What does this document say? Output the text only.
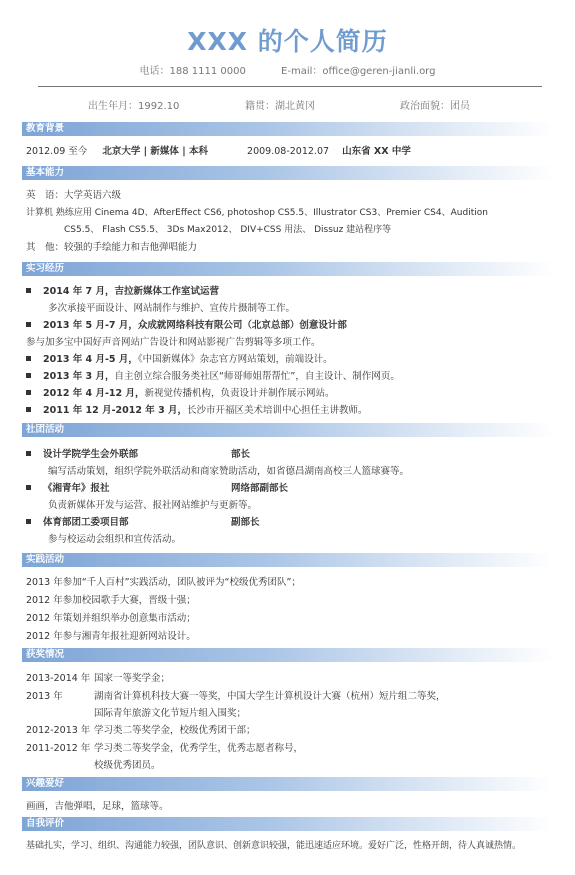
XXX 的个人简历
电话：188 1111 0000	E-mail：office@geren-jianli.org
出生年月：1992.10	籍贯：湖北黄冈	政治面貌：团员
教育背景
2012.09 至今 北京大学 | 新媒体 | 本科	2009.08-2012.07 山东省 XX 中学
基本能力
英　语：大学英语六级
计算机 熟练应用 Cinema 4D、AfterEffect CS6, photoshop CS5.5、Illustrator CS3、Premier CS4、Audition
CS5.5、 Flash CS5.5、 3Ds Max2012、 DIV+CSS 用法、 Dissuz 建站程序等
其　他：较强的手绘能力和吉他弹唱能力
实习经历
2014 年 7 月，吉拉新媒体工作室试运营
多次承接平面设计、网站制作与维护、宣传片摄制等工作。
2013 年 5 月-7 月，众成就网络科技有限公司（北京总部）创意设计部
参与加多宝中国好声音网站广告设计和网站影视广告剪辑等多项工作。
2013 年 4 月-5 月，《中国新媒体》杂志官方网站策划，前端设计。
2013 年 3 月，自主创立综合服务类社区“师哥师姐帮帮忙”，自主设计、制作网页。
2012 年 4 月-12 月，新视觉传播机构，负责设计并制作展示网站。
2011 年 12 月-2012 年 3 月，长沙市开福区美术培训中心担任主讲教师。
社团活动
设计学院学生会外联部	部长
编写活动策划，组织学院外联活动和商家赞助活动，如省德昌湖南高校三人篮球赛等。
《湘青年》报社	网络部副部长
负责新媒体开发与运营、报社网站维护与更新等。
体育部团工委项目部	副部长
参与校运动会组织和宣传活动。
实践活动
2013 年参加“千人百村”实践活动，团队被评为“校级优秀团队”；
2012 年参加校园歌手大赛，晋级十强；
2012 年策划并组织举办创意集市活动；
2012 年参与湘青年报社迎新网站设计。
获奖情况
2013-2014 年 国家一等奖学金；
2013 年	湖南省计算机科技大赛一等奖，中国大学生计算机设计大赛（杭州）短片组二等奖，
国际青年旅游文化节短片组入围奖；
2012-2013 年 学习类二等奖学金，校级优秀团干部；
2011-2012 年 学习类二等奖学金，优秀学生，优秀志愿者称号，
校级优秀团员。
兴趣爱好
画画，吉他弹唱，足球，篮球等。
自我评价
基础扎实，学习、组织、沟通能力较强，团队意识、创新意识较强，能迅速适应环境。爱好广泛，性格开朗，待人真诚热情。
